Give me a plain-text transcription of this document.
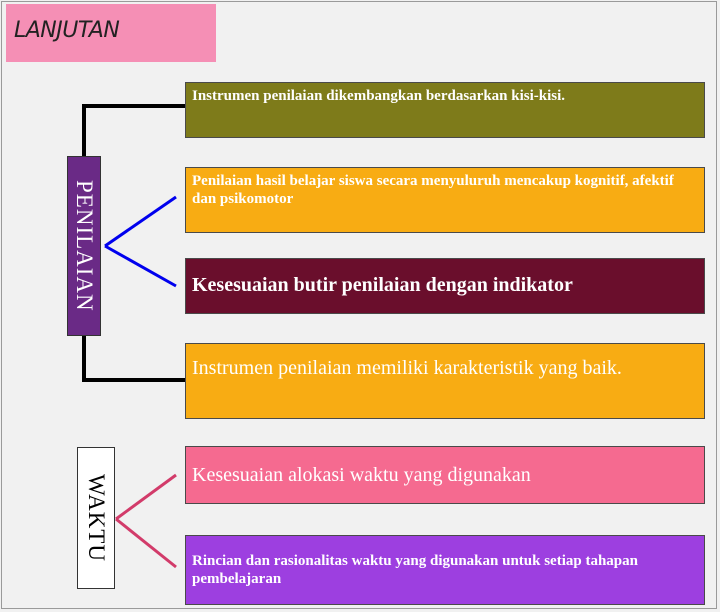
LANJUTAN
Instrumen penilaian dikembangkan berdasarkan kisi-kisi.
Penilaian hasil belajar siswa secara menyuluruh mencakup kognitif, afektif dan psikomotor
Kesesuaian butir penilaian dengan indikator
Instrumen penilaian memiliki karakteristik yang baik.
Kesesuaian alokasi waktu yang digunakan
Rincian dan rasionalitas waktu yang digunakan untuk setiap tahapan pembelajaran
PENILAIAN
WAKTU
